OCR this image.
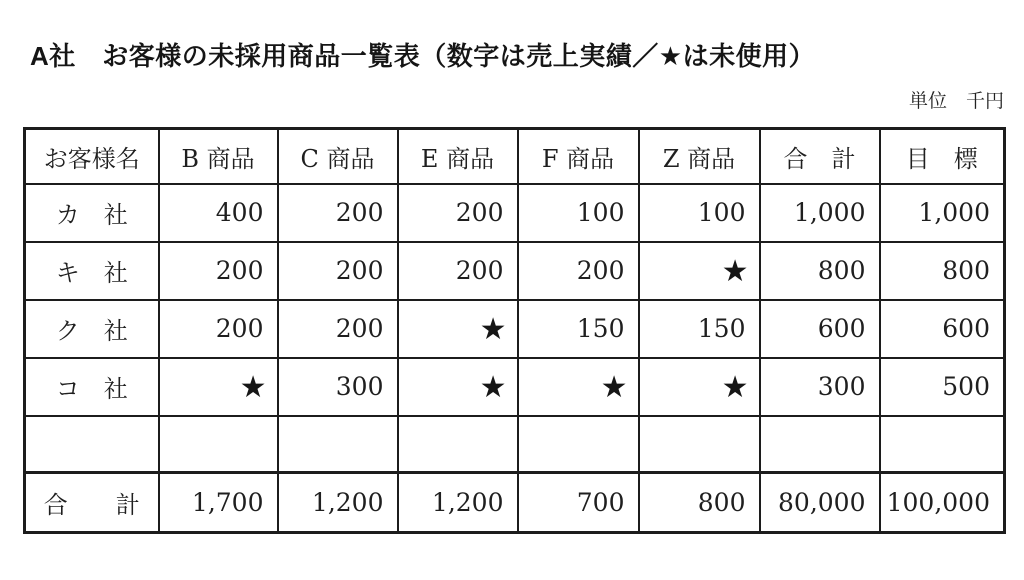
A社　お客様の未採用商品一覧表（数字は売上実績／★は未使用）
単位　千円
お客様名	B 商品	C 商品	E 商品	F 商品	Z 商品	合　計	目　標
カ　社	400	200	200	100	100	1,000	1,000
キ　社	200	200	200	200	★	800	800
ク　社	200	200	★	150	150	600	600
コ　社	★	300	★	★	★	300	500

合　　計	1,700	1,200	1,200	700	800	80,000	100,000
